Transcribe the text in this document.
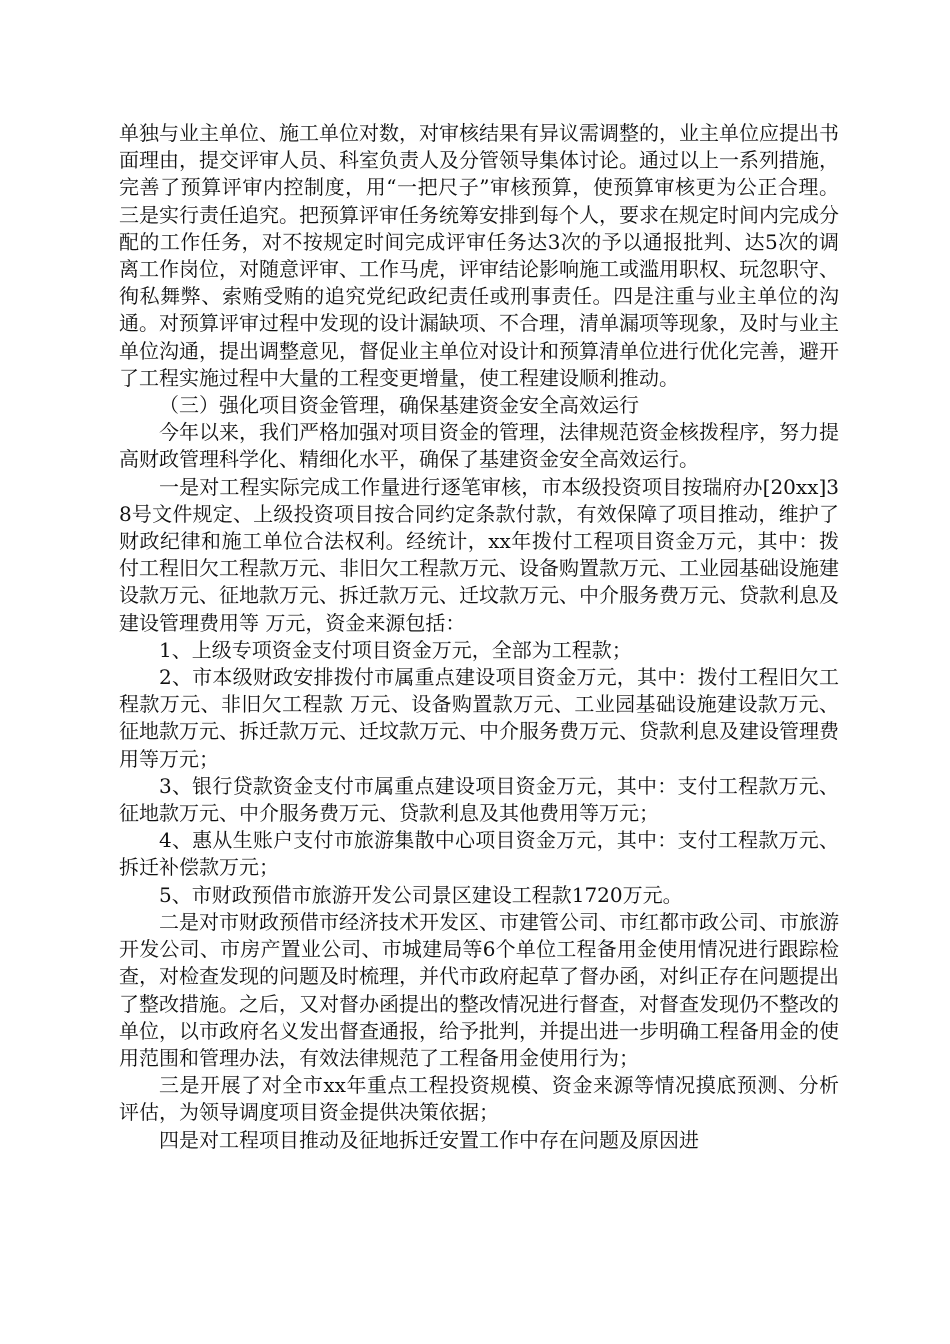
单独与业主单位、施工单位对数，对审核结果有异议需调整的，业主单位应提出书面理由，提交评审人员、科室负责人及分管领导集体讨论。通过以上一系列措施，完善了预算评审内控制度，用“一把尺子”审核预算，使预算审核更为公正合理。三是实行责任追究。把预算评审任务统筹安排到每个人，要求在规定时间内完成分配的工作任务，对不按规定时间完成评审任务达3次的予以通报批判、达5次的调离工作岗位，对随意评审、工作马虎，评审结论影响施工或滥用职权、玩忽职守、徇私舞弊、索贿受贿的追究党纪政纪责任或刑事责任。四是注重与业主单位的沟通。对预算评审过程中发现的设计漏缺项、不合理，清单漏项等现象，及时与业主单位沟通，提出调整意见，督促业主单位对设计和预算清单位进行优化完善，避开了工程实施过程中大量的工程变更增量，使工程建设顺利推动。

（三）强化项目资金管理，确保基建资金安全高效运行

今年以来，我们严格加强对项目资金的管理，法律规范资金核拨程序，努力提高财政管理科学化、精细化水平，确保了基建资金安全高效运行。

一是对工程实际完成工作量进行逐笔审核，市本级投资项目按瑞府办[20xx]38号文件规定、上级投资项目按合同约定条款付款，有效保障了项目推动，维护了财政纪律和施工单位合法权利。经统计，xx年拨付工程项目资金万元，其中：拨付工程旧欠工程款万元、非旧欠工程款万元、设备购置款万元、工业园基础设施建设款万元、征地款万元、拆迁款万元、迁坟款万元、中介服务费万元、贷款利息及建设管理费用等 万元，资金来源包括：

1、上级专项资金支付项目资金万元，全部为工程款；

2、市本级财政安排拨付市属重点建设项目资金万元，其中：拨付工程旧欠工程款万元、非旧欠工程款 万元、设备购置款万元、工业园基础设施建设款万元、征地款万元、拆迁款万元、迁坟款万元、中介服务费万元、贷款利息及建设管理费用等万元；

3、银行贷款资金支付市属重点建设项目资金万元，其中：支付工程款万元、征地款万元、中介服务费万元、贷款利息及其他费用等万元；

4、惠从生账户支付市旅游集散中心项目资金万元，其中：支付工程款万元、拆迁补偿款万元；

5、市财政预借市旅游开发公司景区建设工程款1720万元。

二是对市财政预借市经济技术开发区、市建管公司、市红都市政公司、市旅游开发公司、市房产置业公司、市城建局等6个单位工程备用金使用情况进行跟踪检查，对检查发现的问题及时梳理，并代市政府起草了督办函，对纠正存在问题提出了整改措施。之后，又对督办函提出的整改情况进行督查，对督查发现仍不整改的单位，以市政府名义发出督查通报，给予批判，并提出进一步明确工程备用金的使用范围和管理办法，有效法律规范了工程备用金使用行为；

三是开展了对全市xx年重点工程投资规模、资金来源等情况摸底预测、分析评估，为领导调度项目资金提供决策依据；

四是对工程项目推动及征地拆迁安置工作中存在问题及原因进
